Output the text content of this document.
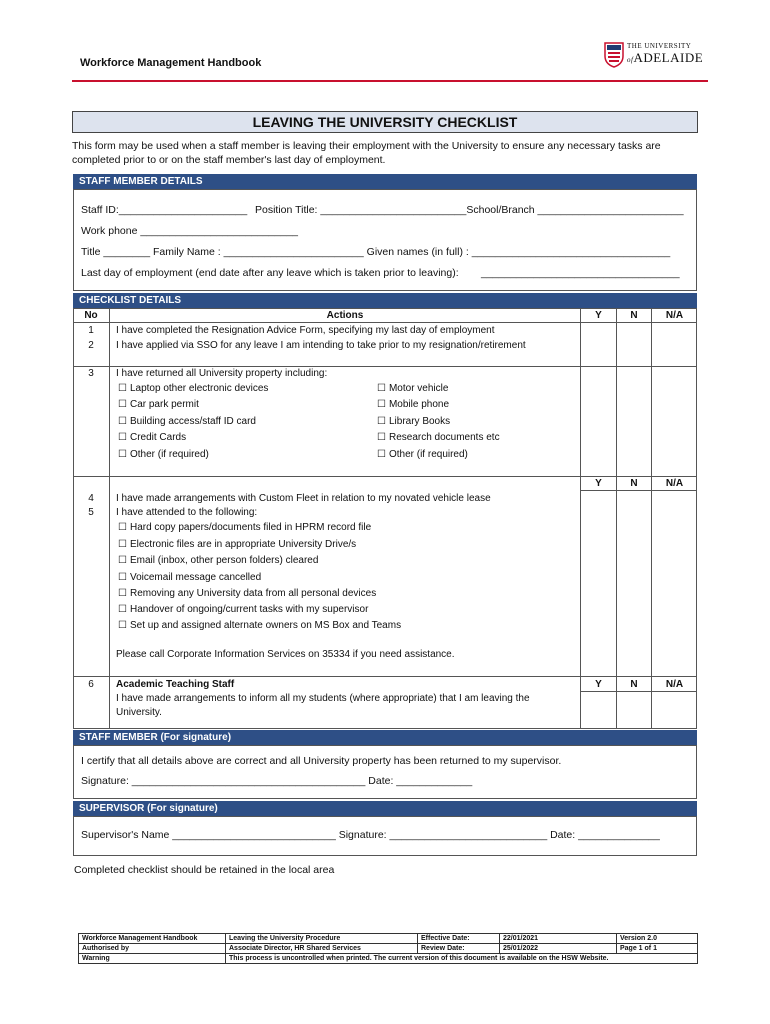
Workforce Management Handbook
THE UNIVERSITY
ofADELAIDE
LEAVING THE UNIVERSITY CHECKLIST
This form may be used when a staff member is leaving their employment with the University to ensure any necessary tasks are completed prior to or on the staff member's last day of employment.
STAFF MEMBER DETAILS
Staff ID:______________________ Position Title: _________________________School/Branch _________________________
Work phone ___________________________
Title ________ Family Name : ________________________ Given names (in full) : __________________________________
Last day of employment (end date after any leave which is taken prior to leaving): __________________________________
CHECKLIST DETAILS
No	Actions	Y	N	N/A
1	I have completed the Resignation Advice Form, specifying my last day of employment
2	I have applied via SSO for any leave I am intending to take prior to my resignation/retirement
3	I have returned all University property including:
☐ Laptop other electronic devices
☐ Car park permit
☐ Building access/staff ID card
☐ Credit Cards
☐ Other (if required)
☐ Motor vehicle
☐ Mobile phone
☐ Library Books
☐ Research documents etc
☐ Other (if required)
Y	N	N/A
4	I have made arrangements with Custom Fleet in relation to my novated vehicle lease
5	I have attended to the following:
☐ Hard copy papers/documents filed in HPRM record file
☐ Electronic files are in appropriate University Drive/s
☐ Email (inbox, other person folders) cleared
☐ Voicemail message cancelled
☐ Removing any University data from all personal devices
☐ Handover of ongoing/current tasks with my supervisor
☐ Set up and assigned alternate owners on MS Box and Teams
Please call Corporate Information Services on 35334 if you need assistance.
6	Academic Teaching Staff	Y	N	N/A
I have made arrangements to inform all my students (where appropriate) that I am leaving the
University.
STAFF MEMBER (For signature)
I certify that all details above are correct and all University property has been returned to my supervisor.
Signature: ________________________________________ Date: _____________
SUPERVISOR (For signature)
Supervisor's Name ____________________________ Signature: ___________________________ Date: ______________
Completed checklist should be retained in the local area
Workforce Management Handbook	Leaving the University Procedure	Effective Date:	22/01/2021	Version 2.0
Authorised by	Associate Director, HR Shared Services	Review Date:	25/01/2022	Page 1 of 1
Warning	This process is uncontrolled when printed. The current version of this document is available on the HSW Website.			
